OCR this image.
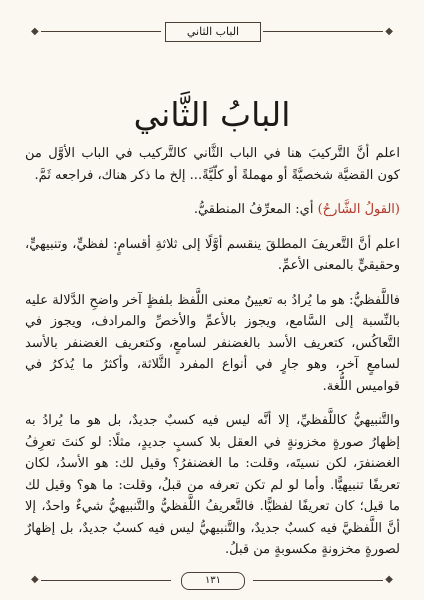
◆	الباب الثاني	◆
البابُ الثَّاني

اعلم أنَّ التَّركيبَ هنا في الباب الثَّاني كالتَّركيب في الباب الأوَّل من كون القضيَّة شخصيَّةً أو مهملةً أو كلّيَّةً... إلخ ما ذكر هناك، فراجعه ثَمَّ.

(القولُ الشَّارحُ) أي: المعرِّفُ المنطقيُّ.

اعلم أنَّ التَّعريفَ المطلقَ ينقسم أوَّلًا إلى ثلاثةِ أقسامٍ: لفظيٍّ، وتنبيهيٍّ، وحقيقيٍّ بالمعنى الأعمِّ.

فاللَّفظيُّ: هو ما يُرادُ به تعيينُ معنى اللَّفظ بلفظٍ آخر واضحِ الدَّلالة عليه بالنِّسبة إلى السَّامع، ويجوز بالأعمِّ والأخصِّ والمرادف، ويجوز في التَّعاكُس، كتعريف الأسد بالغضنفر لسامعٍ، وكتعريف الغضنفر بالأسد لسامعٍ آخر، وهو جارٍ في أنواع المفرد الثَّلاثة، وأكثرُ ما يُذكرُ في قواميس اللُّغة.

والتَّنبيهيُّ كاللَّفظيِّ، إلا أنَّه ليس فيه كسبٌ جديدٌ، بل هو ما يُرادُ به إظهارُ صورةٍ مخزونةٍ في العقل بلا كسبٍ جديدٍ، مثلًا: لو كنتَ تعرِفُ الغضنفرَ، لكن نسيتَه، وقلت: ما الغضنفرُ؟ وقيل لك: هو الأسدُ، لكان تعريفًا تنبيهيًّا. وأما لو لم تكن تعرفه من قبلُ، وقلت: ما هو؟ وقيل لك ما قيل؛ كان تعريفًا لفظيًّا. فالتَّعريفُ اللَّفظيُّ والتَّنبيهيُّ شيءٌ واحدٌ، إلا أنَّ اللَّفظيَّ فيه كسبٌ جديدٌ، والتَّنبيهيُّ ليس فيه كسبٌ جديدٌ، بل إظهارٌ لصورةٍ مخزونةٍ مكسوبةٍ من قبلُ.

◆	١٣١	◆
